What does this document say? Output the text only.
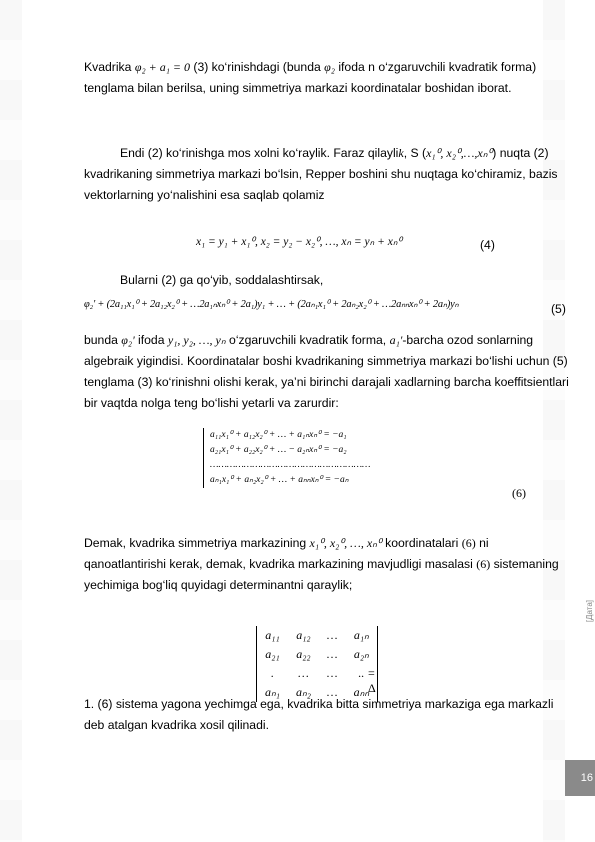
Kvadrika φ₂ + a₁ = 0 (3) ko‘rinishdagi (bunda φ₂ ifoda n o‘zgaruvchili kvadratik forma) tenglama bilan berilsa, uning simmetriya markazi koordinatalar boshidan iborat.

Endi (2) ko‘rinishga mos xolni ko‘raylik. Faraz qilaylik, S (x₁⁰, x₂⁰,…,xₙ⁰) nuqta (2) kvadrikaning simmetriya markazi bo‘lsin, Repper boshini shu nuqtaga ko‘chiramiz, bazis vektorlarning yo‘nalishini esa saqlab qolamiz

x₁ = y₁ + x₁⁰, x₂ = y₂ − x₂⁰, …, xₙ = yₙ + xₙ⁰	(4)

Bularni (2) ga qo‘yib, soddalashtirsak,

φ₂' + (2a₁₁x₁⁰ + 2a₁₂x₂⁰ + …2a₁ₙxₙ⁰ + 2a₁)y₁ + … + (2aₙ₁x₁⁰ + 2aₙ₂x₂⁰ + …2aₙₙxₙ⁰ + 2aₙ)yₙ	(5)

bunda φ₂' ifoda y₁, y₂, …, yₙ o‘zgaruvchili kvadratik forma, a₁'-barcha ozod sonlarning algebraik yigindisi. Koordinatalar boshi kvadrikaning simmetriya markazi bo‘lishi uchun (5) tenglama (3) ko‘rinishni olishi kerak, ya’ni birinchi darajali xadlarning barcha koeffitsientlari bir vaqtda nolga teng bo‘lishi yetarli va zarurdir:

a₁₁x₁⁰ + a₁₂x₂⁰ + … + a₁ₙxₙ⁰ = −a₁
a₂₁x₁⁰ + a₂₂x₂⁰ + … − a₂ₙxₙ⁰ = −a₂
…………………………………………………
aₙ₁x₁⁰ + aₙ₂x₂⁰ + … + aₙₙxₙ⁰ = −aₙ
(6)

Demak, kvadrika simmetriya markazining x₁⁰, x₂⁰, …, xₙ⁰ koordinatalari (6) ni qanoatlantirishi kerak, demak, kvadrika markazining mavjudligi masalasi (6) sistemaning yechimiga bog‘liq quyidagi determinantni qaraylik;

a₁₁	a₁₂	…	a₁ₙ
a₂₁	a₂₂	…	a₂ₙ
.	…	…	..
aₙ₁	aₙ₂	…	aₙₙ
= Δ

1. (6) sistema yagona yechimga ega, kvadrika bitta simmetriya markaziga ega markazli deb atalgan kvadrika xosil qilinadi.

[Дата]
16
